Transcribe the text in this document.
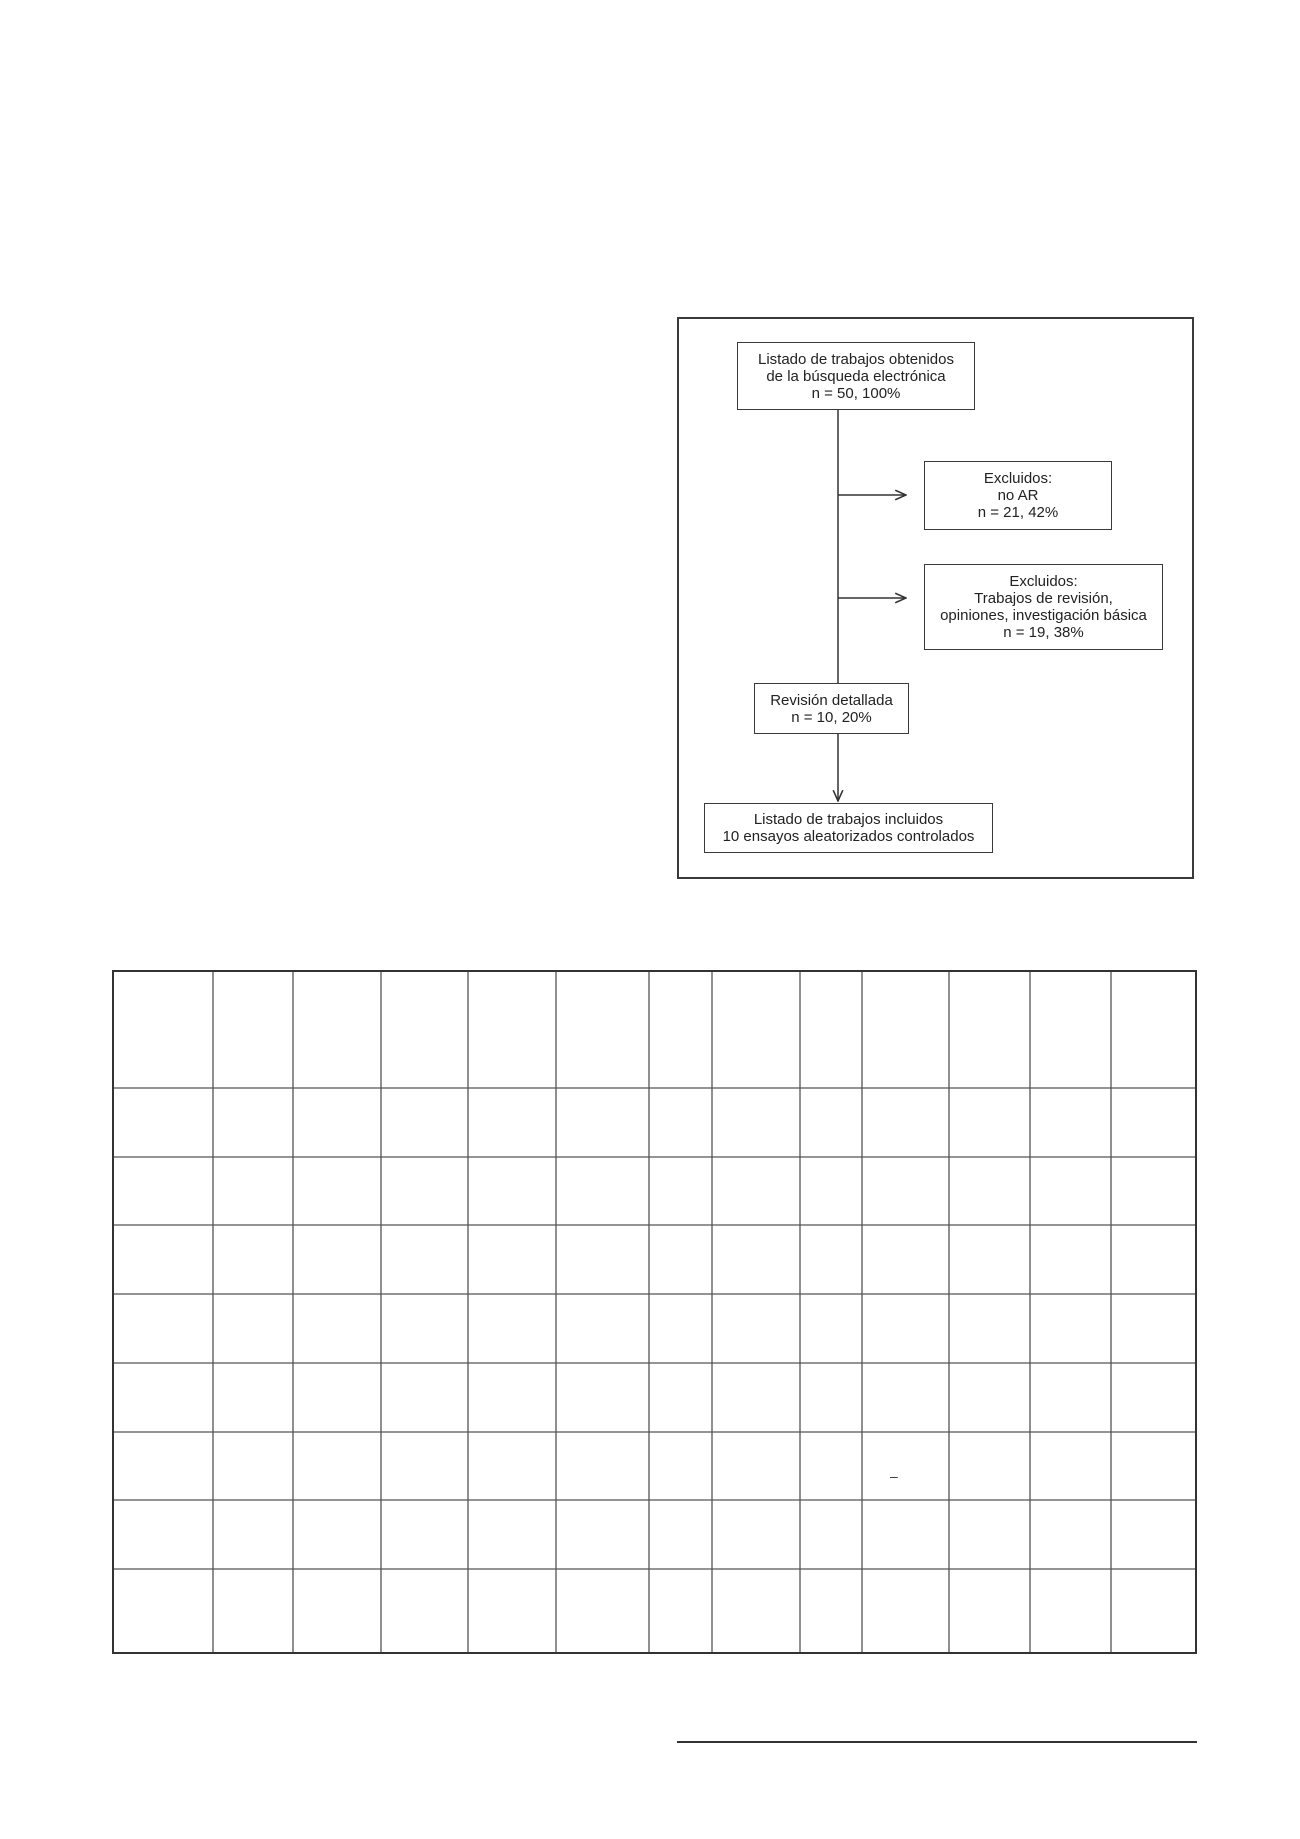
Listado de trabajos obtenidos
de la búsqueda electrónica
n = 50, 100%
Excluidos:
no AR
n = 21, 42%
Excluidos:
Trabajos de revisión,
opiniones, investigación básica
n = 19, 38%
Revisión detallada
n = 10, 20%
Listado de trabajos incluidos
10 ensayos aleatorizados controlados
–
